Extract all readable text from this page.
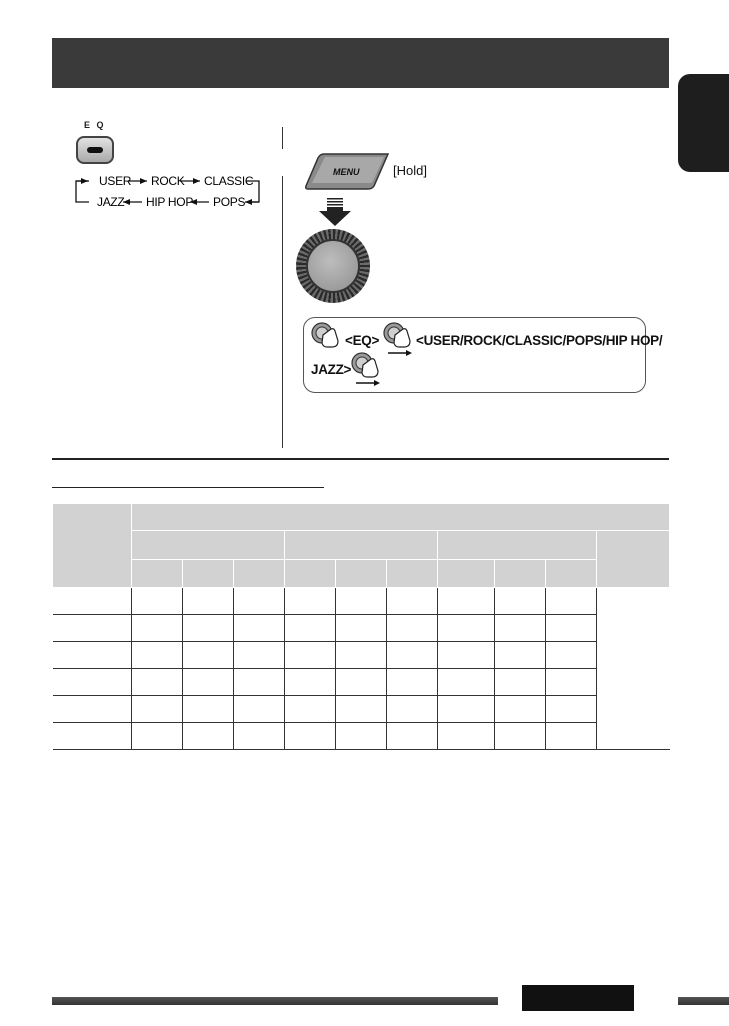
E Q
USER ROCK CLASSIC
JAZZ HIP HOP POPS
MENU	[Hold]
<EQ>	<USER/ROCK/CLASSIC/POPS/HIP HOP/
JAZZ>
